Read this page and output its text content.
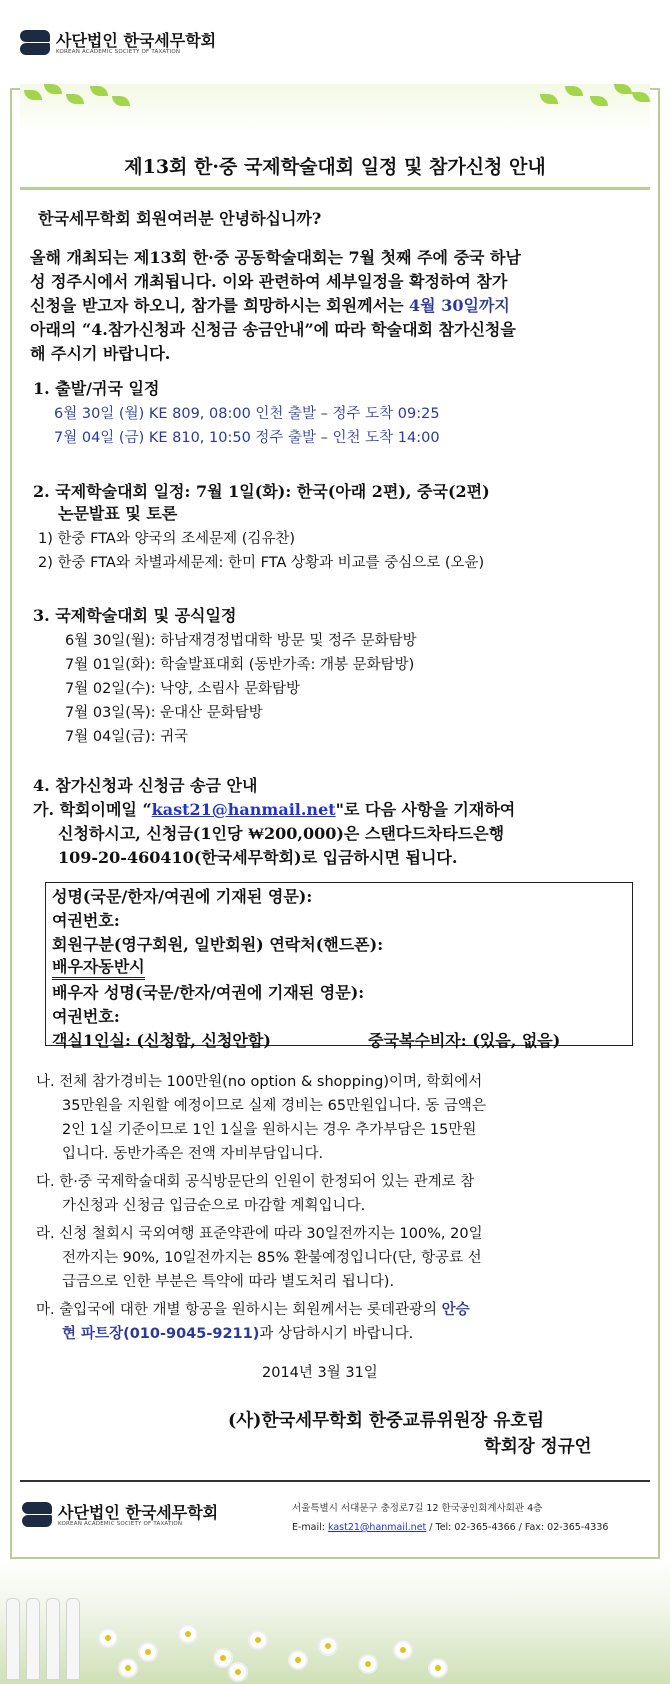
사단법인 한국세무학회
KOREAN ACADEMIC SOCIETY OF TAXATION
제13회 한·중 국제학술대회 일정 및 참가신청 안내
한국세무학회 회원여러분 안녕하십니까?
올해 개최되는 제13회 한·중 공동학술대회는 7월 첫째 주에 중국 하남
성 정주시에서 개최됩니다. 이와 관련하여 세부일정을 확정하여 참가
신청을 받고자 하오니, 참가를 희망하시는 회원께서는 4월 30일까지
아래의 “4.참가신청과 신청금 송금안내”에 따라 학술대회 참가신청을
해 주시기 바랍니다.
1. 출발/귀국 일정
6월 30일 (월) KE 809, 08:00 인천 출발 – 정주 도착 09:25
7월 04일 (금) KE 810, 10:50 정주 출발 – 인천 도착 14:00
2. 국제학술대회 일정: 7월 1일(화): 한국(아래 2편), 중국(2편)
논문발표 및 토론
1) 한중 FTA와 양국의 조세문제 (김유찬)
2) 한중 FTA와 차별과세문제: 한미 FTA 상황과 비교를 중심으로 (오윤)
3. 국제학술대회 및 공식일정
6월 30일(월): 하남재경정법대학 방문 및 정주 문화탐방
7월 01일(화): 학술발표대회 (동반가족: 개봉 문화탐방)
7월 02일(수): 낙양, 소림사 문화탐방
7월 03일(목): 운대산 문화탐방
7월 04일(금): 귀국
4. 참가신청과 신청금 송금 안내
가. 학회이메일 “kast21@hanmail.net"로 다음 사항을 기재하여
신청하시고, 신청금(1인당 ₩200,000)은 스탠다드차타드은행
109-20-460410(한국세무학회)로 입금하시면 됩니다.
성명(국문/한자/여권에 기재된 영문):
여권번호:
회원구분(영구회원, 일반회원) 연락처(핸드폰):
배우자동반시
배우자 성명(국문/한자/여권에 기재된 영문):
여권번호:
객실1인실: (신청함, 신청안함)	중국복수비자: (있음, 없음)
나. 전체 참가경비는 100만원(no option & shopping)이며, 학회에서
35만원을 지원할 예정이므로 실제 경비는 65만원입니다. 동 금액은
2인 1실 기준이므로 1인 1실을 원하시는 경우 추가부담은 15만원
입니다. 동반가족은 전액 자비부담입니다.
다. 한·중 국제학술대회 공식방문단의 인원이 한정되어 있는 관계로 참
가신청과 신청금 입금순으로 마감할 계획입니다.
라. 신청 철회시 국외여행 표준약관에 따라 30일전까지는 100%, 20일
전까지는 90%, 10일전까지는 85% 환불예정입니다(단, 항공료 선
급금으로 인한 부분은 특약에 따라 별도처리 됩니다).
마. 출입국에 대한 개별 항공을 원하시는 회원께서는 롯데관광의 안승
현 파트장(010-9045-9211)과 상담하시기 바랍니다.
2014년 3월 31일
(사)한국세무학회 한중교류위원장 유호림
학회장 정규언
사단법인 한국세무학회
KOREAN ACADEMIC SOCIETY OF TAXATION
서울특별시 서대문구 충정로7길 12 한국공인회계사회관 4층
E-mail: kast21@hanmail.net / Tel: 02-365-4366 / Fax: 02-365-4336
